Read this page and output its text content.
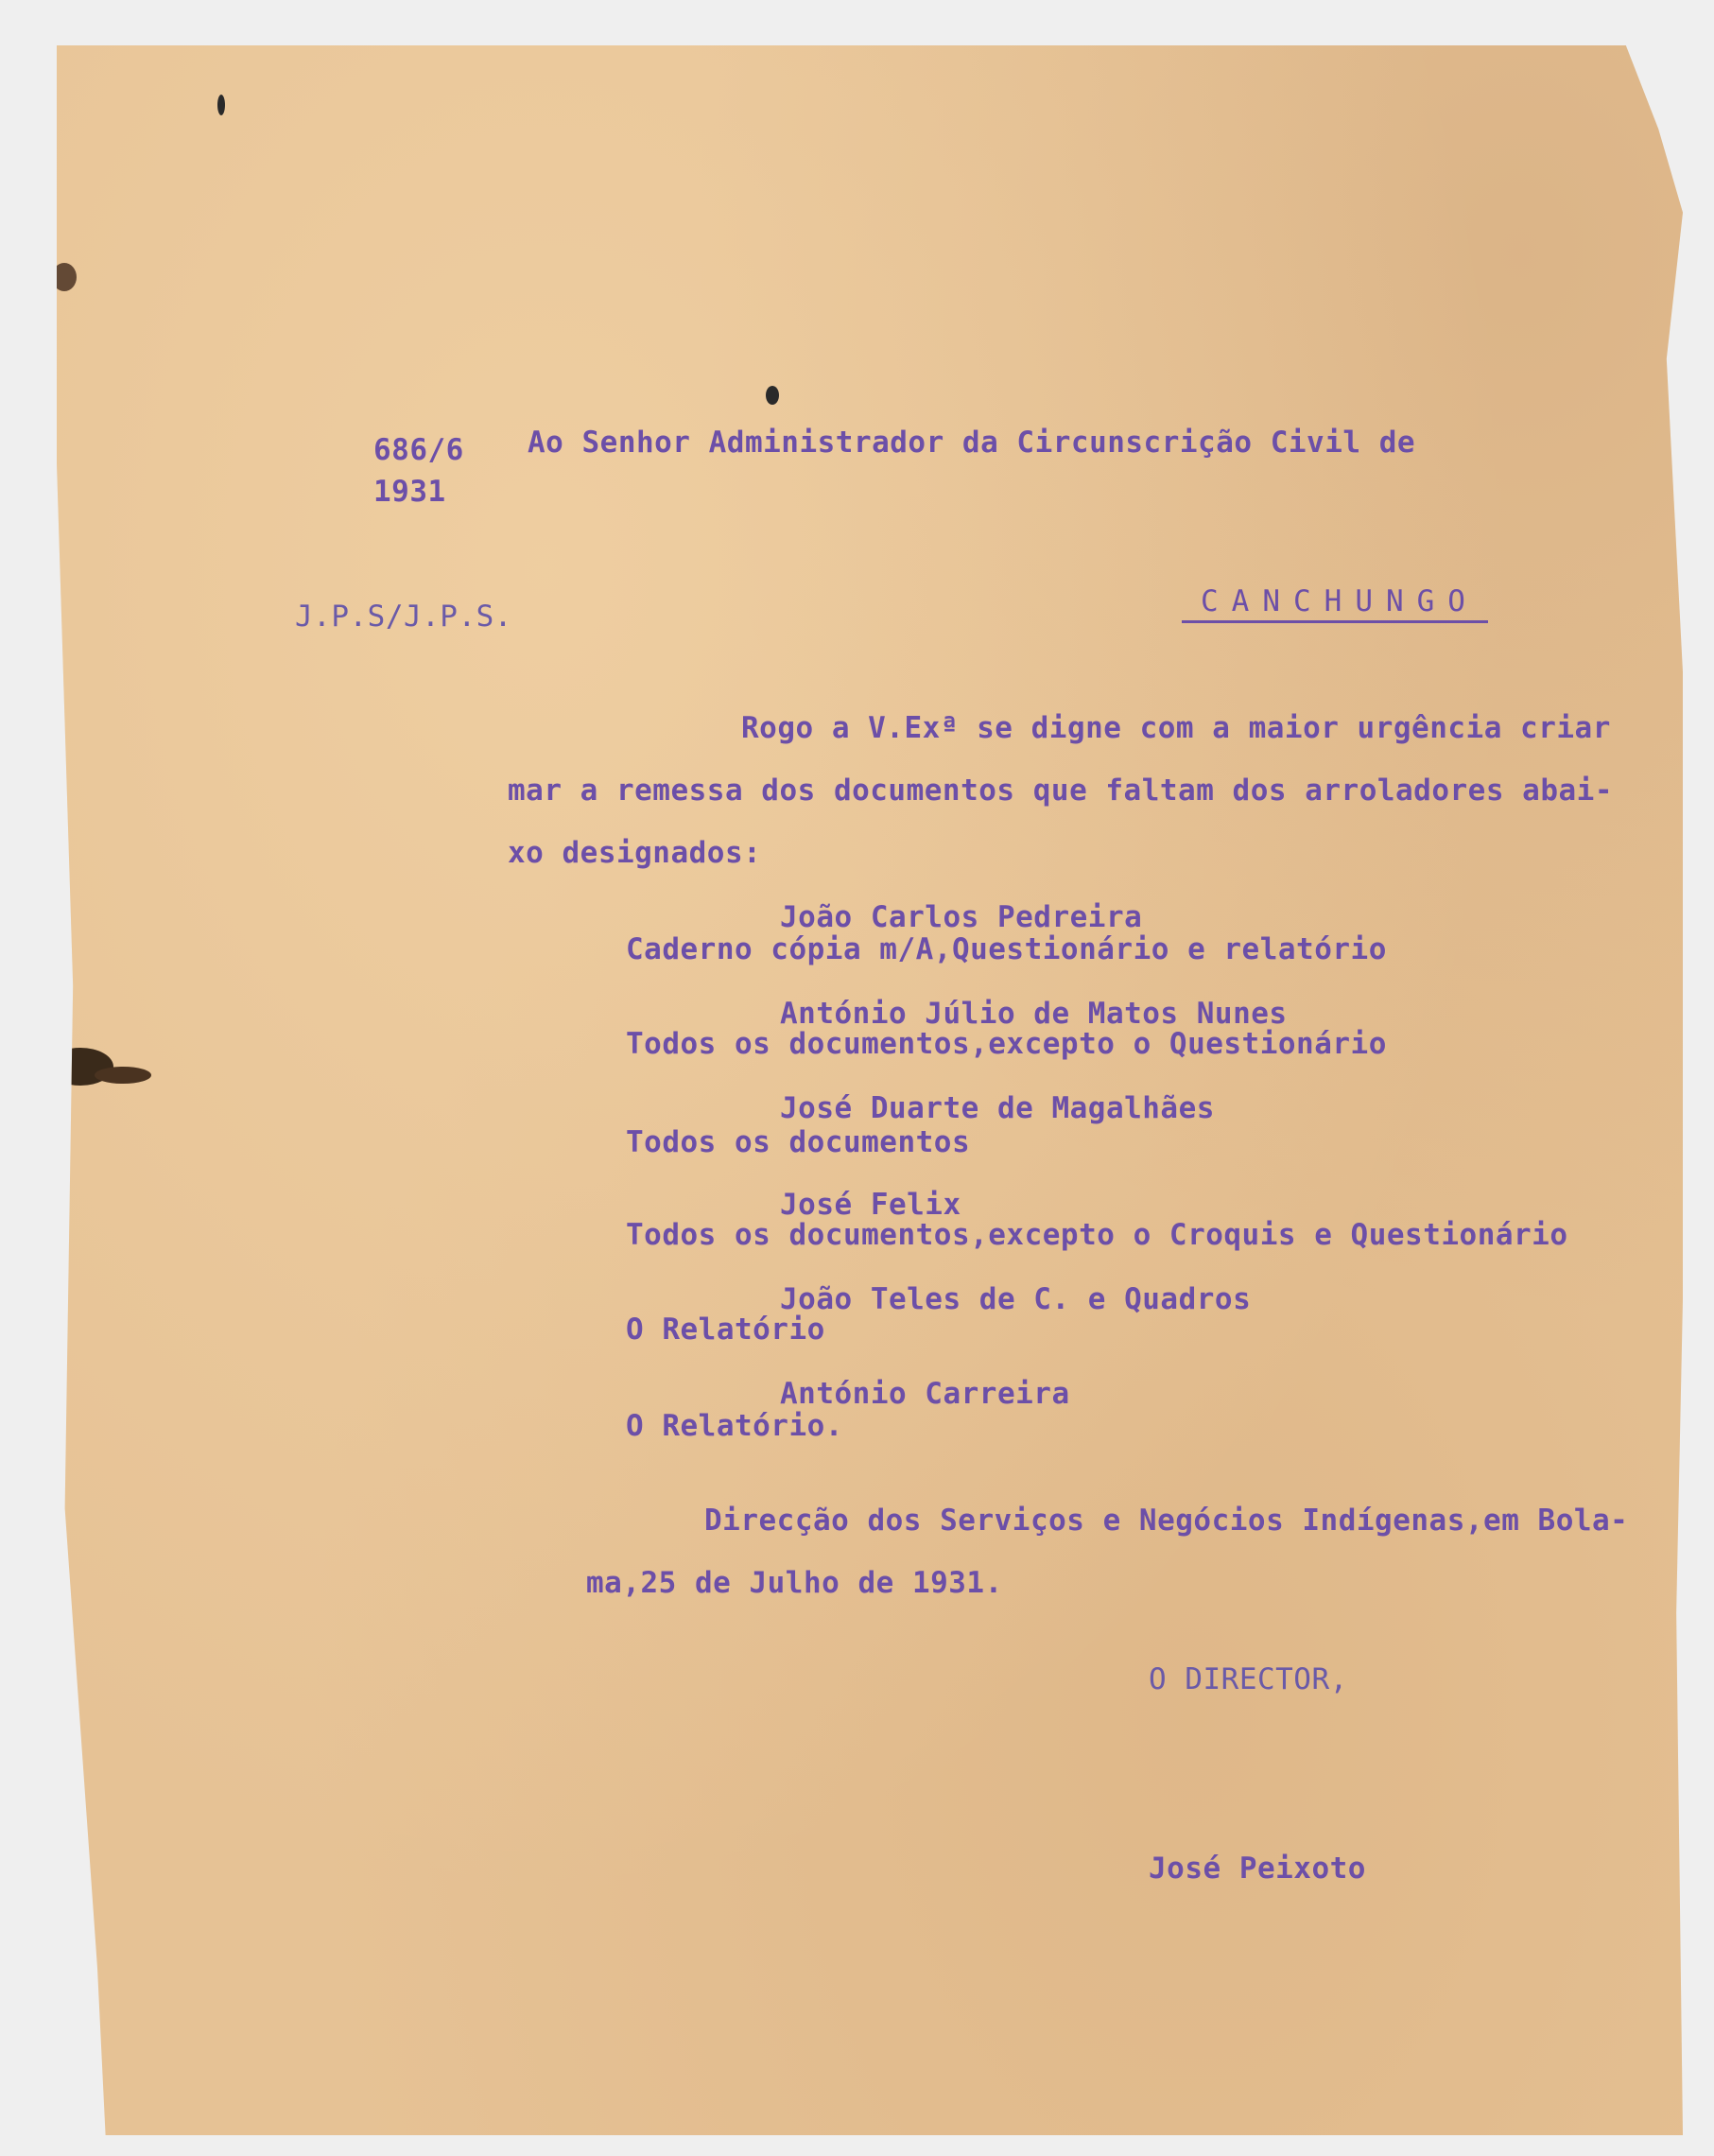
686/6
1931
Ao Senhor Administrador da Circunscrição Civil de
J.P.S/J.P.S.	CANCHUNGO
Rogo a V.Exª se digne com a maior urgência criar
mar a remessa dos documentos que faltam dos arroladores abai-
xo designados:
João Carlos Pedreira
Caderno cópia m/A,Questionário e relatório
António Júlio de Matos Nunes
Todos os documentos,excepto o Questionário
José Duarte de Magalhães
Todos os documentos
José Felix
Todos os documentos,excepto o Croquis e Questionário
João Teles de C. e Quadros
O Relatório
António Carreira
O Relatório.
Direcção dos Serviços e Negócios Indígenas,em Bola-
ma,25 de Julho de 1931.
O DIRECTOR,
José Peixoto
